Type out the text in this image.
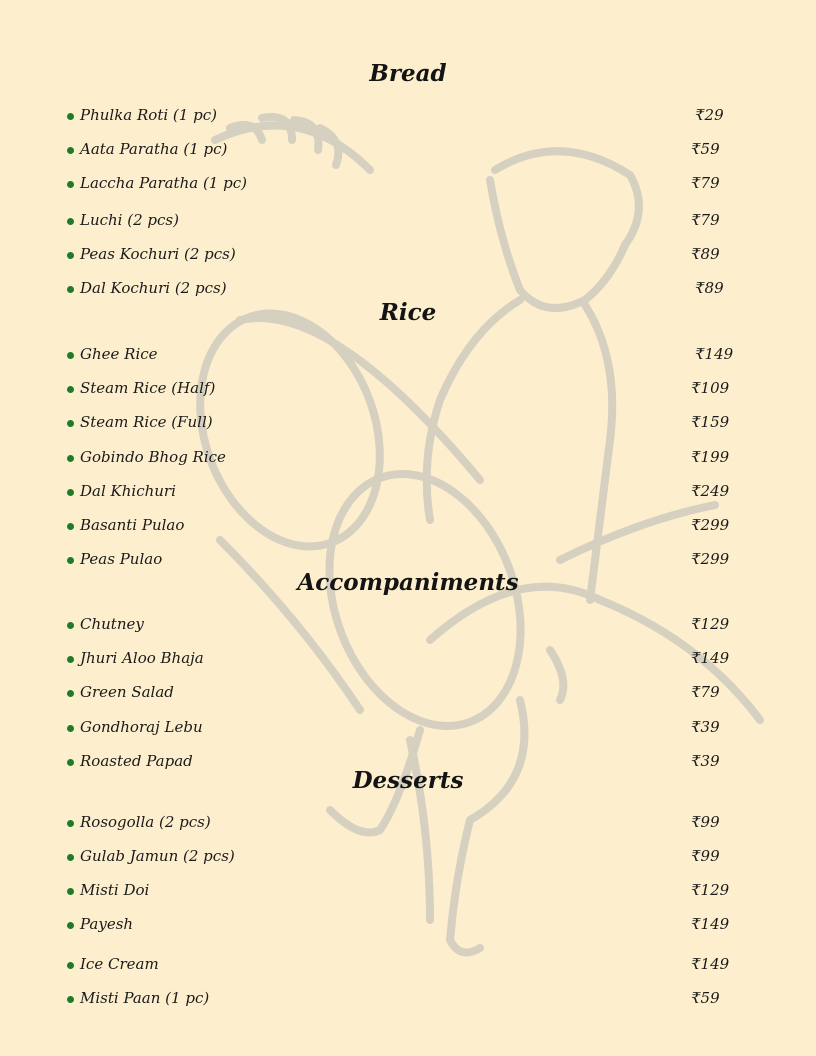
Bread
Phulka Roti (1 pc)	₹29
Aata Paratha (1 pc)	₹59
Laccha Paratha (1 pc)	₹79
Luchi (2 pcs)	₹79
Peas Kochuri (2 pcs)	₹89
Dal Kochuri (2 pcs)	₹89
Rice
Ghee Rice	₹149
Steam Rice (Half)	₹109
Steam Rice (Full)	₹159
Gobindo Bhog Rice	₹199
Dal Khichuri	₹249
Basanti Pulao	₹299
Peas Pulao	₹299
Accompaniments
Chutney	₹129
Jhuri Aloo Bhaja	₹149
Green Salad	₹79
Gondhoraj Lebu	₹39
Roasted Papad	₹39
Desserts
Rosogolla (2 pcs)	₹99
Gulab Jamun (2 pcs)	₹99
Misti Doi	₹129
Payesh	₹149
Ice Cream	₹149
Misti Paan (1 pc)	₹59
